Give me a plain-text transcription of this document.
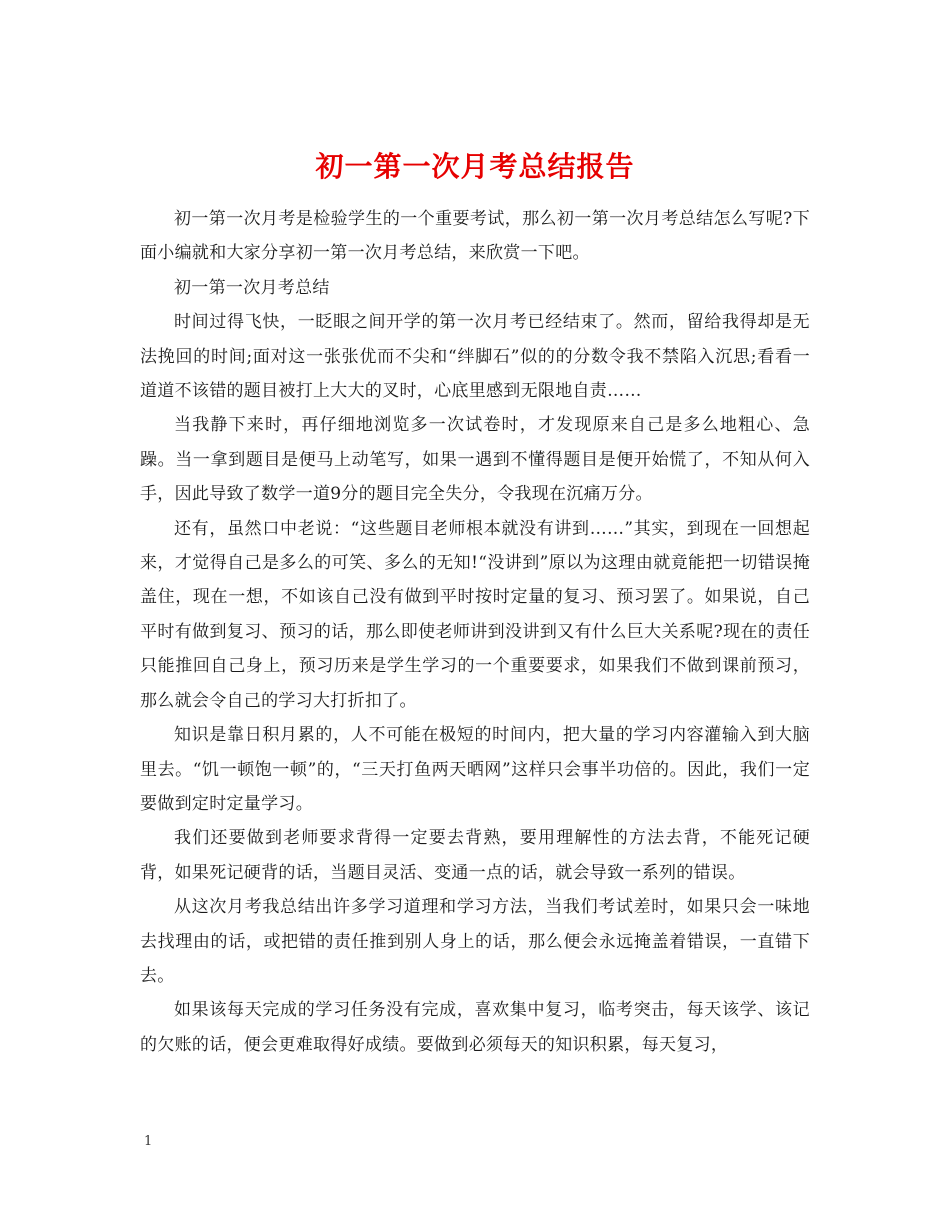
初一第一次月考总结报告

初一第一次月考是检验学生的一个重要考试，那么初一第一次月考总结怎么写呢?下面小编就和大家分享初一第一次月考总结，来欣赏一下吧。

初一第一次月考总结

时间过得飞快，一眨眼之间开学的第一次月考已经结束了。然而，留给我得却是无法挽回的时间;面对这一张张优而不尖和“绊脚石”似的的分数令我不禁陷入沉思;看看一道道不该错的题目被打上大大的叉时，心底里感到无限地自责……

当我静下来时，再仔细地浏览多一次试卷时，才发现原来自己是多么地粗心、急躁。当一拿到题目是便马上动笔写，如果一遇到不懂得题目是便开始慌了，不知从何入手，因此导致了数学一道9分的题目完全失分，令我现在沉痛万分。

还有，虽然口中老说：“这些题目老师根本就没有讲到……”其实，到现在一回想起来，才觉得自己是多么的可笑、多么的无知!“没讲到”原以为这理由就竟能把一切错误掩盖住，现在一想，不如该自己没有做到平时按时定量的复习、预习罢了。如果说，自己平时有做到复习、预习的话，那么即使老师讲到没讲到又有什么巨大关系呢?现在的责任只能推回自己身上，预习历来是学生学习的一个重要要求，如果我们不做到课前预习，那么就会令自己的学习大打折扣了。

知识是靠日积月累的，人不可能在极短的时间内，把大量的学习内容灌输入到大脑里去。“饥一顿饱一顿”的，“三天打鱼两天晒网”这样只会事半功倍的。因此，我们一定要做到定时定量学习。

我们还要做到老师要求背得一定要去背熟，要用理解性的方法去背，不能死记硬背，如果死记硬背的话，当题目灵活、变通一点的话，就会导致一系列的错误。

从这次月考我总结出许多学习道理和学习方法，当我们考试差时，如果只会一味地去找理由的话，或把错的责任推到别人身上的话，那么便会永远掩盖着错误，一直错下去。

如果该每天完成的学习任务没有完成，喜欢集中复习，临考突击，每天该学、该记的欠账的话，便会更难取得好成绩。要做到必须每天的知识积累，每天复习，

1
